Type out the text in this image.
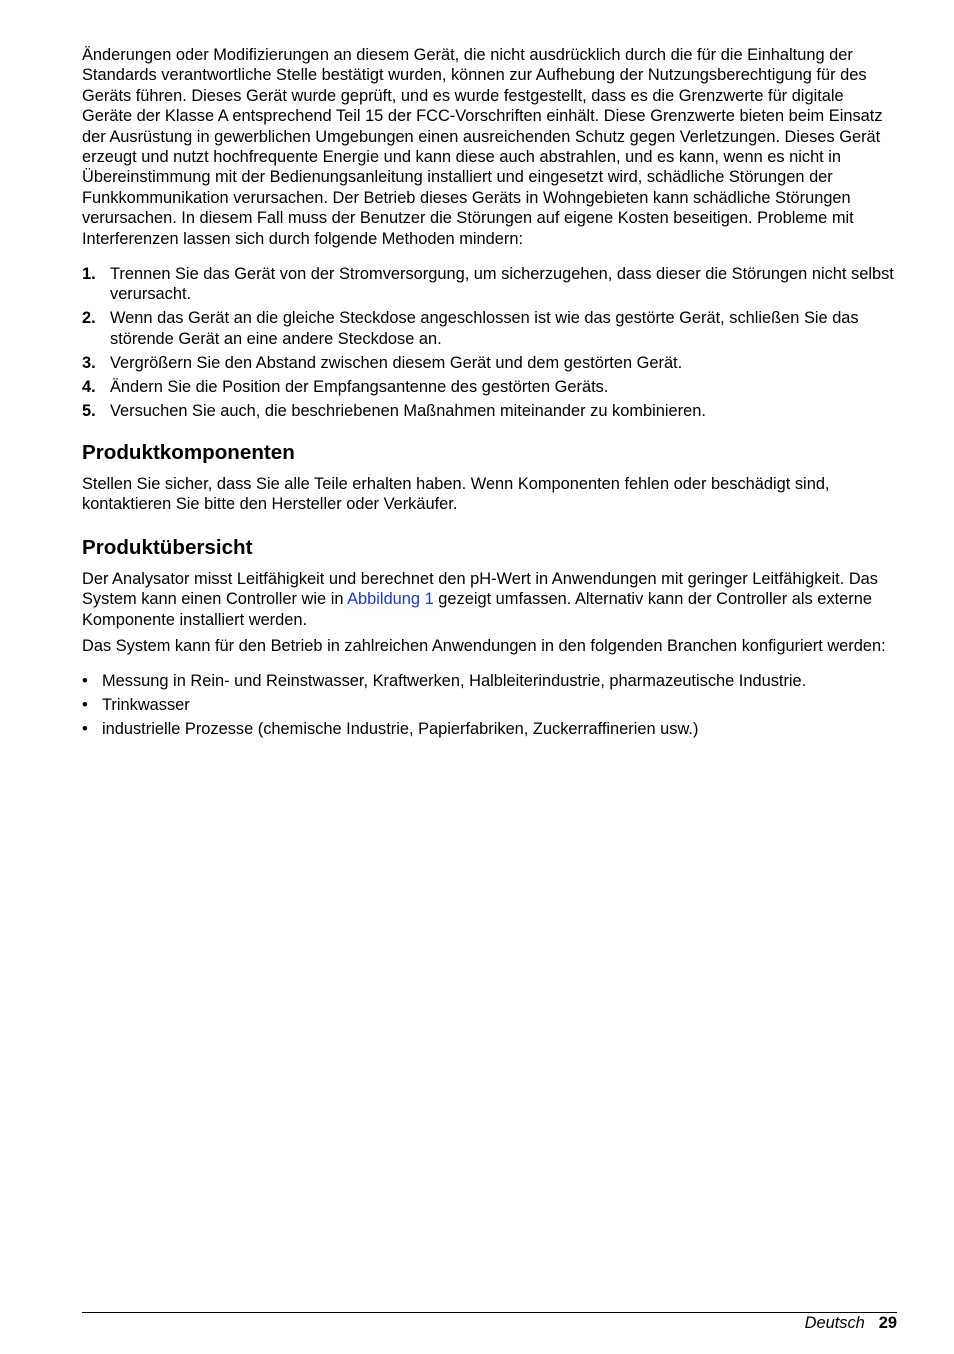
Änderungen oder Modifizierungen an diesem Gerät, die nicht ausdrücklich durch die für die Einhaltung der Standards verantwortliche Stelle bestätigt wurden, können zur Aufhebung der Nutzungsberechtigung für des Geräts führen. Dieses Gerät wurde geprüft, und es wurde festgestellt, dass es die Grenzwerte für digitale Geräte der Klasse A entsprechend Teil 15 der FCC-Vorschriften einhält. Diese Grenzwerte bieten beim Einsatz der Ausrüstung in gewerblichen Umgebungen einen ausreichenden Schutz gegen Verletzungen. Dieses Gerät erzeugt und nutzt hochfrequente Energie und kann diese auch abstrahlen, und es kann, wenn es nicht in Übereinstimmung mit der Bedienungsanleitung installiert und eingesetzt wird, schädliche Störungen der Funkkommunikation verursachen. Der Betrieb dieses Geräts in Wohngebieten kann schädliche Störungen verursachen. In diesem Fall muss der Benutzer die Störungen auf eigene Kosten beseitigen. Probleme mit Interferenzen lassen sich durch folgende Methoden mindern:

1. Trennen Sie das Gerät von der Stromversorgung, um sicherzugehen, dass dieser die Störungen nicht selbst verursacht.
2. Wenn das Gerät an die gleiche Steckdose angeschlossen ist wie das gestörte Gerät, schließen Sie das störende Gerät an eine andere Steckdose an.
3. Vergrößern Sie den Abstand zwischen diesem Gerät und dem gestörten Gerät.
4. Ändern Sie die Position der Empfangsantenne des gestörten Geräts.
5. Versuchen Sie auch, die beschriebenen Maßnahmen miteinander zu kombinieren.
Produktkomponenten

Stellen Sie sicher, dass Sie alle Teile erhalten haben. Wenn Komponenten fehlen oder beschädigt sind, kontaktieren Sie bitte den Hersteller oder Verkäufer.

Produktübersicht

Der Analysator misst Leitfähigkeit und berechnet den pH-Wert in Anwendungen mit geringer Leitfähigkeit. Das System kann einen Controller wie in Abbildung 1 gezeigt umfassen. Alternativ kann der Controller als externe Komponente installiert werden.

Das System kann für den Betrieb in zahlreichen Anwendungen in den folgenden Branchen konfiguriert werden:

• Messung in Rein- und Reinstwasser, Kraftwerken, Halbleiterindustrie, pharmazeutische Industrie.
• Trinkwasser
• industrielle Prozesse (chemische Industrie, Papierfabriken, Zuckerraffinerien usw.)
Deutsch 29
